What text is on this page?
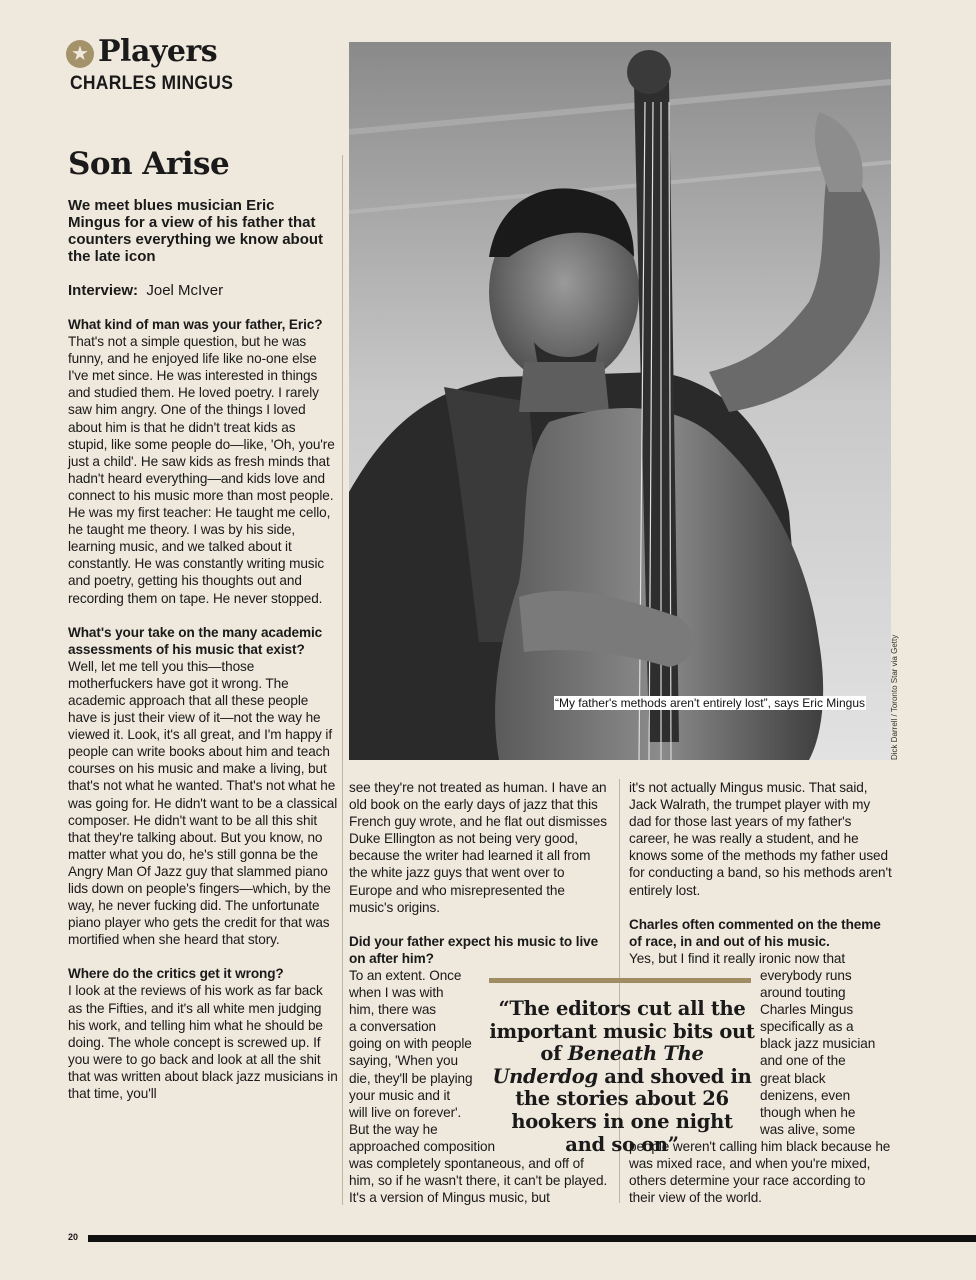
★ Players
CHARLES MINGUS
Son Arise
We meet blues musician Eric Mingus for a view of his father that counters everything we know about the late icon
Interview: Joel McIver

What kind of man was your father, Eric?

That's not a simple question, but he was funny, and he enjoyed life like no-one else I've met since. He was interested in things and studied them. He loved poetry. I rarely saw him angry. One of the things I loved about him is that he didn't treat kids as stupid, like some people do—like, 'Oh, you're just a child'. He saw kids as fresh minds that hadn't heard everything—and kids love and connect to his music more than most people. He was my first teacher: He taught me cello, he taught me theory. I was by his side, learning music, and we talked about it constantly. He was constantly writing music and poetry, getting his thoughts out and recording them on tape. He never stopped.

What's your take on the many academic assessments of his music that exist?

Well, let me tell you this—those motherfuckers have got it wrong. The academic approach that all these people have is just their view of it—not the way he viewed it. Look, it's all great, and I'm happy if people can write books about him and teach courses on his music and make a living, but that's not what he wanted. That's not what he was going for. He didn't want to be a classical composer. He didn't want to be all this shit that they're talking about. But you know, no matter what you do, he's still gonna be the Angry Man Of Jazz guy that slammed piano lids down on people's fingers—which, by the way, he never fucking did. The unfortunate piano player who gets the credit for that was mortified when she heard that story.

Where do the critics get it wrong?

I look at the reviews of his work as far back as the Fifties, and it's all white men judging his work, and telling him what he should be doing. The whole concept is screwed up. If you were to go back and look at all the shit that was written about black jazz musicians in that time, you'll

“My father's methods aren't entirely lost”, says Eric Mingus	Dick Darrell / Toronto Star via Getty

see they're not treated as human. I have an old book on the early days of jazz that this French guy wrote, and he flat out dismisses Duke Ellington as not being very good, because the writer had learned it all from the white jazz guys that went over to Europe and who misrepresented the music's origins.

Did your father expect his music to live on after him?

To an extent. Once

when I was with

him, there was

a conversation

going on with people

saying, 'When you

die, they'll be playing

your music and it

will live on forever'.

But the way he

approached composition

was completely spontaneous, and off of him, so if he wasn't there, it can't be played. It's a version of Mingus music, but

it's not actually Mingus music. That said, Jack Walrath, the trumpet player with my dad for those last years of my father's career, he was really a student, and he knows some of the methods my father used for conducting a band, so his methods aren't entirely lost.

Charles often commented on the theme of race, in and out of his music.

Yes, but I find it really ironic now that

everybody runs

around touting

Charles Mingus

specifically as a

black jazz musician

and one of the

great black

denizens, even

though when he

was alive, some

people weren't calling him black because he was mixed race, and when you're mixed, others determine your race according to their view of the world.

“The editors cut all the important music bits out of Beneath The Underdog and shoved in the stories about 26 hookers in one night and so on”
20
